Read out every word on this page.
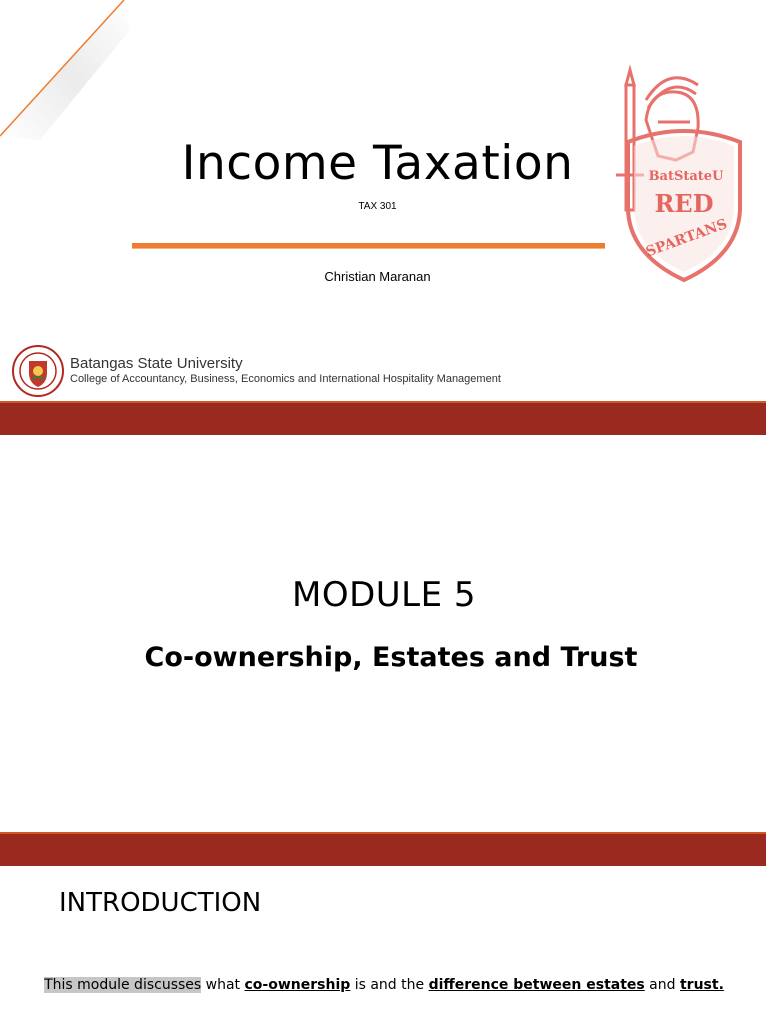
Income Taxation
TAX 301
Christian Maranan
BatStateU
RED
SPARTANS
Batangas State University
College of Accountancy, Business, Economics and International Hospitality Management
MODULE 5
Co-ownership, Estates and Trust
INTRODUCTION
This module discusses what co-ownership is and the difference between estates and trust.
